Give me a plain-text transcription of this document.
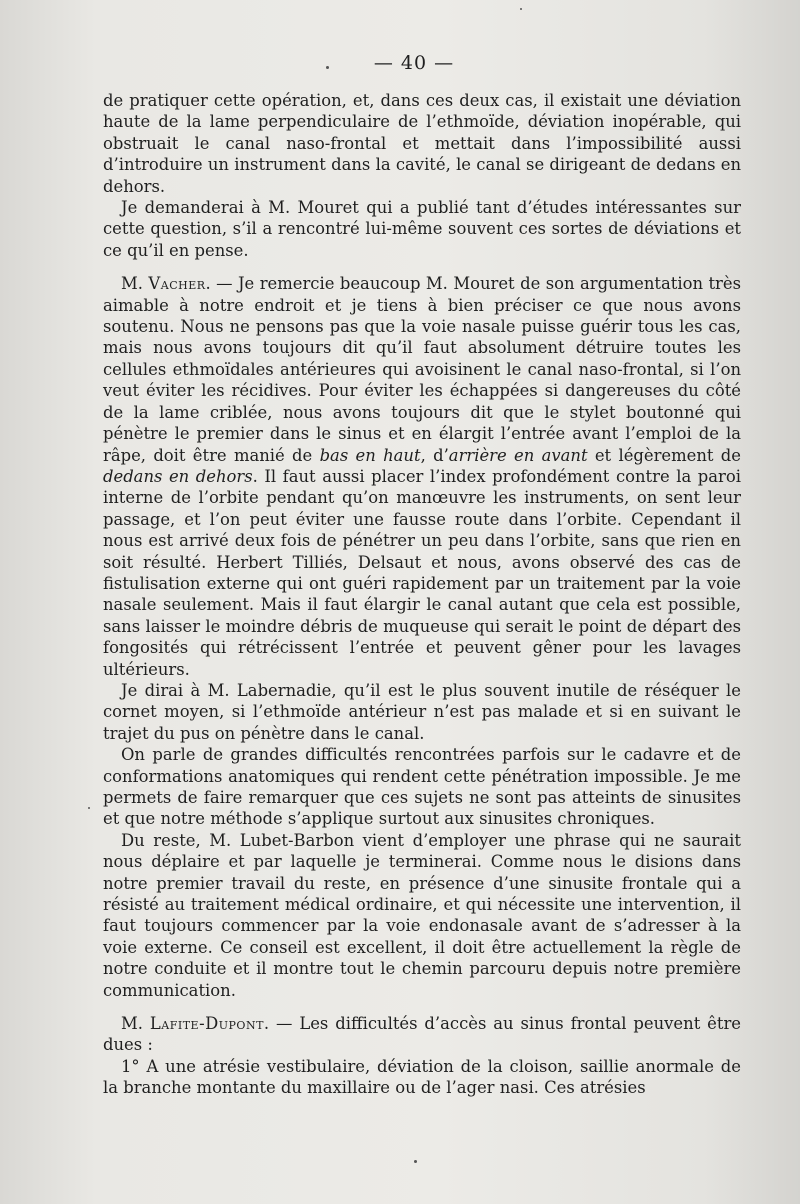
— 40 —

de pratiquer cette opération, et, dans ces deux cas, il existait une déviation haute de la lame perpendiculaire de l’ethmoïde, déviation inopérable, qui obstruait le canal naso-frontal et mettait dans l’impossibilité aussi d’introduire un instrument dans la cavité, le canal se dirigeant de dedans en dehors.

Je demanderai à M. Mouret qui a publié tant d’études intéressantes sur cette question, s’il a rencontré lui-même souvent ces sortes de déviations et ce qu’il en pense.

M. Vacher. — Je remercie beaucoup M. Mouret de son argumentation très aimable à notre endroit et je tiens à bien préciser ce que nous avons soutenu. Nous ne pensons pas que la voie nasale puisse guérir tous les cas, mais nous avons toujours dit qu’il faut absolument détruire toutes les cellules ethmoïdales antérieures qui avoisinent le canal naso-frontal, si l’on veut éviter les récidives. Pour éviter les échappées si dangereuses du côté de la lame criblée, nous avons toujours dit que le stylet boutonné qui pénètre le premier dans le sinus et en élargit l’entrée avant l’emploi de la râpe, doit être manié de bas en haut, d’arrière en avant et légèrement de dedans en dehors. Il faut aussi placer l’index profondément contre la paroi interne de l’orbite pendant qu’on manœuvre les instruments, on sent leur passage, et l’on peut éviter une fausse route dans l’orbite. Cependant il nous est arrivé deux fois de pénétrer un peu dans l’orbite, sans que rien en soit résulté. Herbert Tilliés, Delsaut et nous, avons observé des cas de fistulisation externe qui ont guéri rapidement par un traitement par la voie nasale seulement. Mais il faut élargir le canal autant que cela est possible, sans laisser le moindre débris de muqueuse qui serait le point de départ des fongosités qui rétrécissent l’entrée et peuvent gêner pour les lavages ultérieurs.

Je dirai à M. Labernadie, qu’il est le plus souvent inutile de réséquer le cornet moyen, si l’ethmoïde antérieur n’est pas malade et si en suivant le trajet du pus on pénètre dans le canal.

On parle de grandes difficultés rencontrées parfois sur le cadavre et de conformations anatomiques qui rendent cette pénétration impossible. Je me permets de faire remarquer que ces sujets ne sont pas atteints de sinusites et que notre méthode s’applique surtout aux sinusites chroniques.

Du reste, M. Lubet-Barbon vient d’employer une phrase qui ne saurait nous déplaire et par laquelle je terminerai. Comme nous le disions dans notre premier travail du reste, en présence d’une sinusite frontale qui a résisté au traitement médical ordinaire, et qui nécessite une intervention, il faut toujours commencer par la voie endonasale avant de s’adresser à la voie externe. Ce conseil est excellent, il doit être actuellement la règle de notre conduite et il montre tout le chemin parcouru depuis notre première communication.

M. Lafite-Dupont. — Les difficultés d’accès au sinus frontal peuvent être dues :

1° A une atrésie vestibulaire, déviation de la cloison, saillie anormale de la branche montante du maxillaire ou de l’ager nasi. Ces atrésies
